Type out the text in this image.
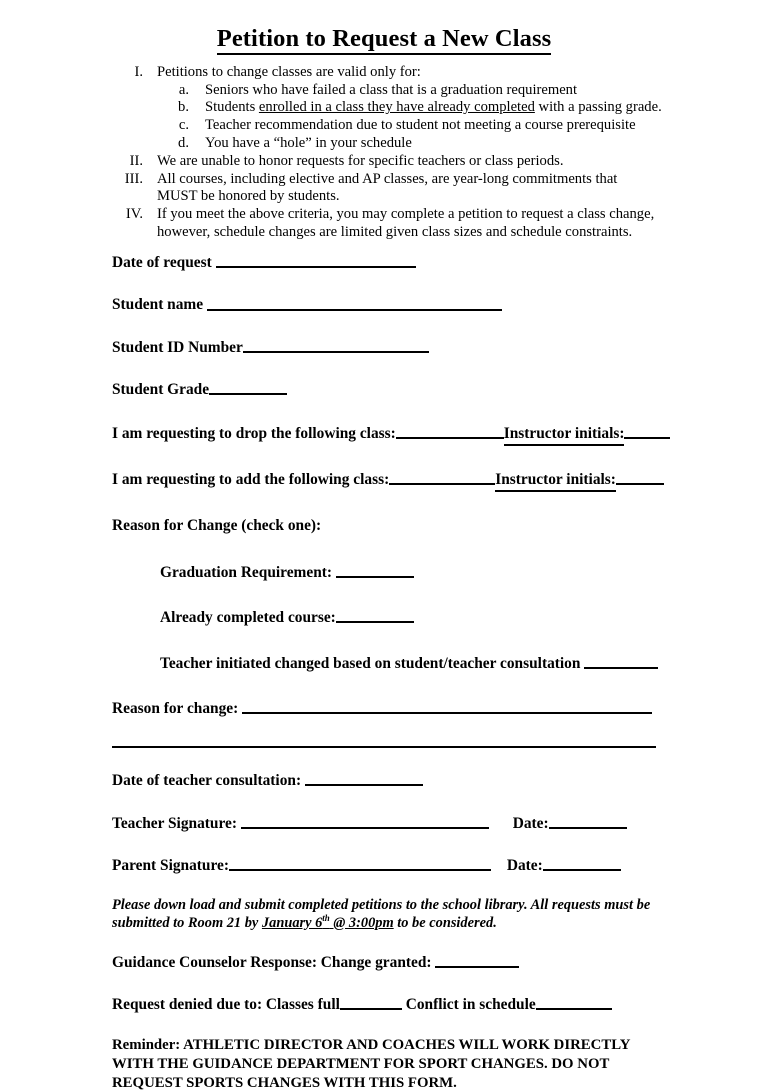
Petition to Request a New Class
I. Petitions to change classes are valid only for:
a. Seniors who have failed a class that is a graduation requirement
b. Students enrolled in a class they have already completed with a passing grade.
c. Teacher recommendation due to student not meeting a course prerequisite
d. You have a “hole” in your schedule
II. We are unable to honor requests for specific teachers or class periods.
III. All courses, including elective and AP classes, are year-long commitments that MUST be honored by students.
IV. If you meet the above criteria, you may complete a petition to request a class change, however, schedule changes are limited given class sizes and schedule constraints.
Date of request
Student name
Student ID Number
Student Grade
I am requesting to drop the following class:	Instructor initials:
I am requesting to add the following class:	Instructor initials:
Reason for Change (check one):
Graduation Requirement:
Already completed course:
Teacher initiated changed based on student/teacher consultation
Reason for change:
Date of teacher consultation:
Teacher Signature:	Date:
Parent Signature:	Date:
Please down load and submit completed petitions to the school library. All requests must be
submitted to Room 21 by January 6th @ 3:00pm to be considered.
Guidance Counselor Response: Change granted:
Request denied due to: Classes full	Conflict in schedule
Reminder: ATHLETIC DIRECTOR AND COACHES WILL WORK DIRECTLY WITH THE GUIDANCE DEPARTMENT FOR SPORT CHANGES. DO NOT REQUEST SPORTS CHANGES WITH THIS FORM.
